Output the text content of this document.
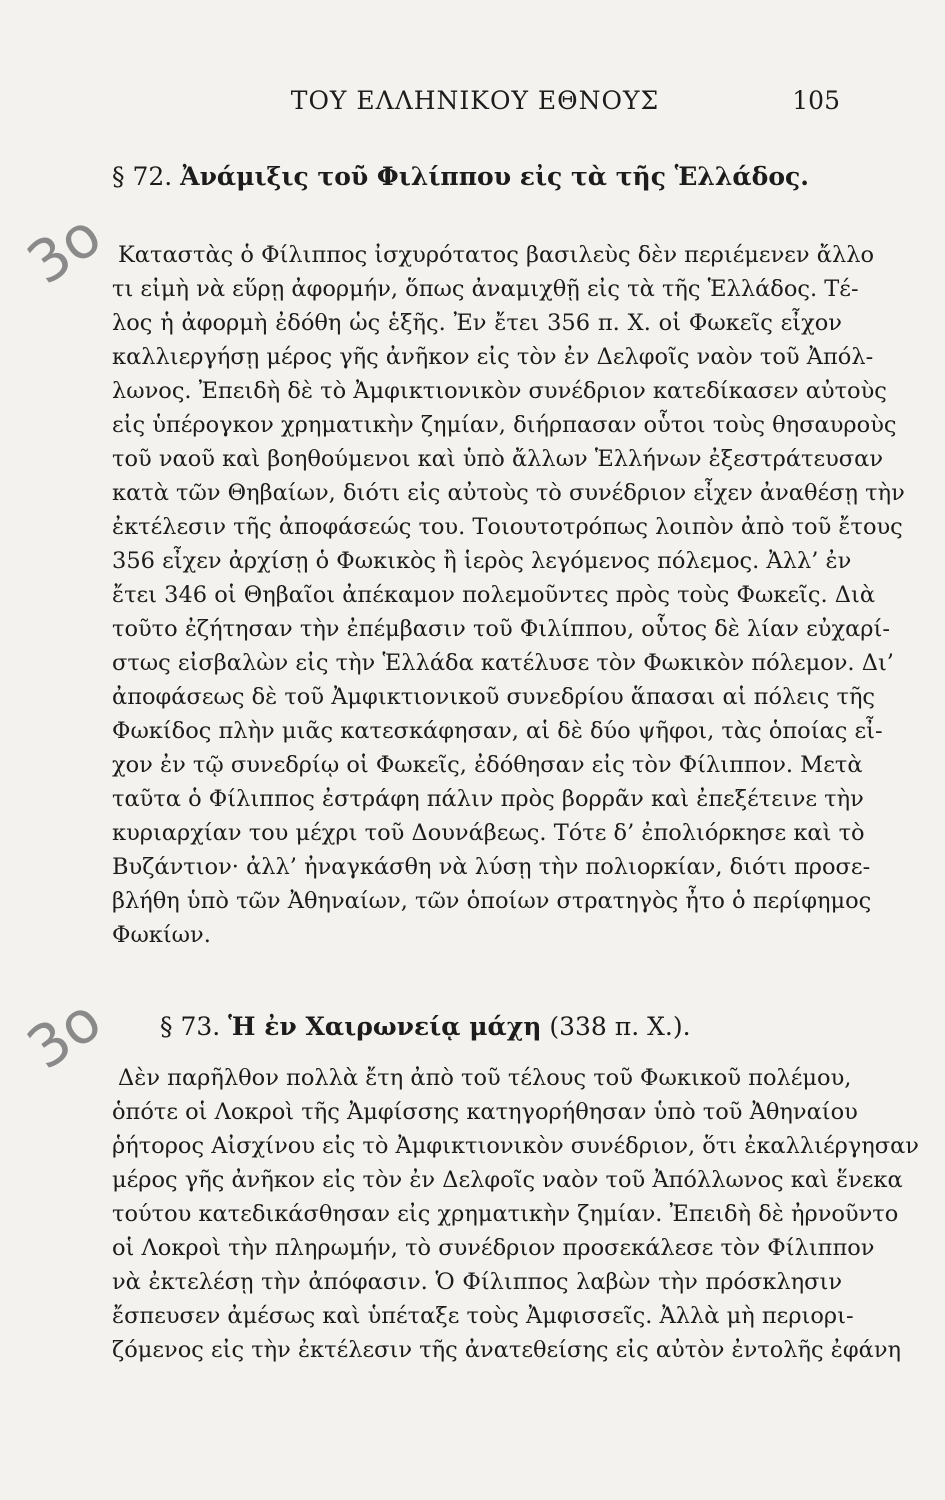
ΤΟΥ ΕΛΛΗΝΙΚΟΥ ΕΘΝΟΥΣ	105
3ο
3ο
§ 72. Ἀνάμιξις τοῦ Φιλίππου εἰς τὰ τῆς Ἑλλάδος.
Καταστὰς ὁ Φίλιππος ἰσχυρότατος βασιλεὺς δὲν περιέμενεν ἄλλο
τι εἰμὴ νὰ εὕρῃ ἀφορμήν, ὅπως ἀναμιχθῇ εἰς τὰ τῆς Ἑλλάδος. Τέ-
λος ἡ ἀφορμὴ ἐδόθη ὡς ἑξῆς. Ἐν ἔτει 356 π. Χ. οἱ Φωκεῖς εἶχον
καλλιεργήσῃ μέρος γῆς ἀνῆκον εἰς τὸν ἐν Δελφοῖς ναὸν τοῦ Ἀπόλ-
λωνος. Ἐπειδὴ δὲ τὸ Ἀμφικτιονικὸν συνέδριον κατεδίκασεν αὐτοὺς
εἰς ὑπέρογκον χρηματικὴν ζημίαν, διήρπασαν οὗτοι τοὺς θησαυροὺς
τοῦ ναοῦ καὶ βοηθούμενοι καὶ ὑπὸ ἄλλων Ἑλλήνων ἐξεστράτευσαν
κατὰ τῶν Θηβαίων, διότι εἰς αὐτοὺς τὸ συνέδριον εἶχεν ἀναθέσῃ τὴν
ἐκτέλεσιν τῆς ἀποφάσεώς του. Τοιουτοτρόπως λοιπὸν ἀπὸ τοῦ ἔτους
356 εἶχεν ἀρχίσῃ ὁ Φωκικὸς ἢ ἱερὸς λεγόμενος πόλεμος. Ἀλλ’ ἐν
ἔτει 346 οἱ Θηβαῖοι ἀπέκαμον πολεμοῦντες πρὸς τοὺς Φωκεῖς. Διὰ
τοῦτο ἐζήτησαν τὴν ἐπέμβασιν τοῦ Φιλίππου, οὗτος δὲ λίαν εὐχαρί-
στως εἰσβαλὼν εἰς τὴν Ἑλλάδα κατέλυσε τὸν Φωκικὸν πόλεμον. Δι’
ἀποφάσεως δὲ τοῦ Ἀμφικτιονικοῦ συνεδρίου ἅπασαι αἱ πόλεις τῆς
Φωκίδος πλὴν μιᾶς κατεσκάφησαν, αἱ δὲ δύο ψῆφοι, τὰς ὁποίας εἶ-
χον ἐν τῷ συνεδρίῳ οἱ Φωκεῖς, ἐδόθησαν εἰς τὸν Φίλιππον. Μετὰ
ταῦτα ὁ Φίλιππος ἐστράφη πάλιν πρὸς βορρᾶν καὶ ἐπεξέτεινε τὴν
κυριαρχίαν του μέχρι τοῦ Δουνάβεως. Τότε δ’ ἐπολιόρκησε καὶ τὸ
Βυζάντιον· ἀλλ’ ἠναγκάσθη νὰ λύσῃ τὴν πολιορκίαν, διότι προσε-
βλήθη ὑπὸ τῶν Ἀθηναίων, τῶν ὁποίων στρατηγὸς ἦτο ὁ περίφημος
Φωκίων.
§ 73. Ἡ ἐν Χαιρωνείᾳ μάχη (338 π. Χ.).
Δὲν παρῆλθον πολλὰ ἔτη ἀπὸ τοῦ τέλους τοῦ Φωκικοῦ πολέμου,
ὁπότε οἱ Λοκροὶ τῆς Ἀμφίσσης κατηγορήθησαν ὑπὸ τοῦ Ἀθηναίου
ῥήτορος Αἰσχίνου εἰς τὸ Ἀμφικτιονικὸν συνέδριον, ὅτι ἐκαλλιέργησαν
μέρος γῆς ἀνῆκον εἰς τὸν ἐν Δελφοῖς ναὸν τοῦ Ἀπόλλωνος καὶ ἕνεκα
τούτου κατεδικάσθησαν εἰς χρηματικὴν ζημίαν. Ἐπειδὴ δὲ ἠρνοῦντο
οἱ Λοκροὶ τὴν πληρωμήν, τὸ συνέδριον προσεκάλεσε τὸν Φίλιππον
νὰ ἐκτελέσῃ τὴν ἀπόφασιν. Ὁ Φίλιππος λαβὼν τὴν πρόσκλησιν
ἔσπευσεν ἀμέσως καὶ ὑπέταξε τοὺς Ἀμφισσεῖς. Ἀλλὰ μὴ περιορι-
ζόμενος εἰς τὴν ἐκτέλεσιν τῆς ἀνατεθείσης εἰς αὐτὸν ἐντολῆς ἐφάνη
